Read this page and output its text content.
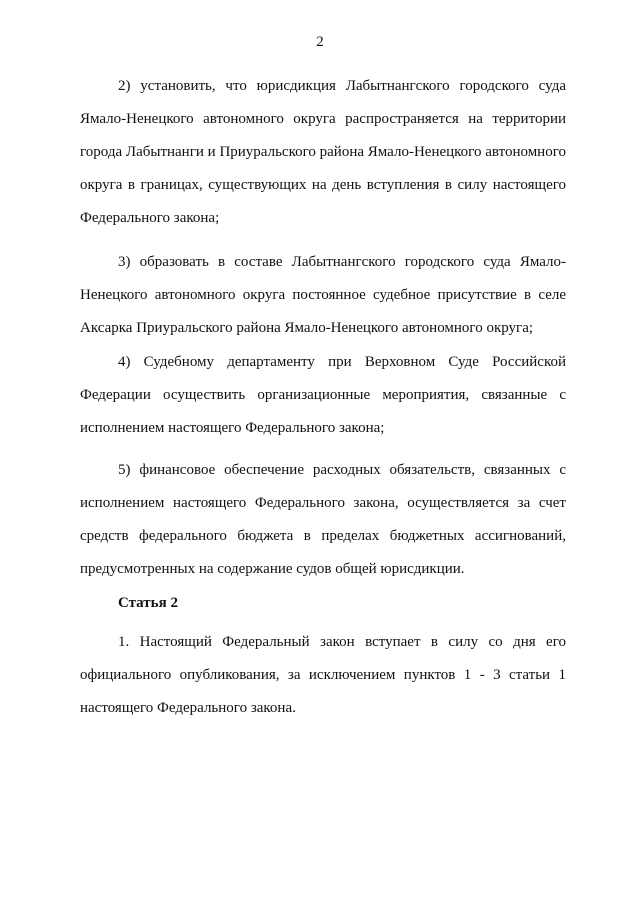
2

2) установить, что юрисдикция Лабытнангского городского суда Ямало-Ненецкого автономного округа распространяется на территории города Лабытнанги и Приуральского района Ямало-Ненецкого автономного округа в границах, существующих на день вступления в силу настоящего Федерального закона;

3) образовать в составе Лабытнангского городского суда Ямало-Ненецкого автономного округа постоянное судебное присутствие в селе Аксарка Приуральского района Ямало-Ненецкого автономного округа;

4) Судебному департаменту при Верховном Суде Российской Федерации осуществить организационные мероприятия, связанные с исполнением настоящего Федерального закона;

5) финансовое обеспечение расходных обязательств, связанных с исполнением настоящего Федерального закона, осуществляется за счет средств федерального бюджета в пределах бюджетных ассигнований, предусмотренных на содержание судов общей юрисдикции.

Статья 2

1. Настоящий Федеральный закон вступает в силу со дня его официального опубликования, за исключением пунктов 1 - 3 статьи 1 настоящего Федерального закона.
